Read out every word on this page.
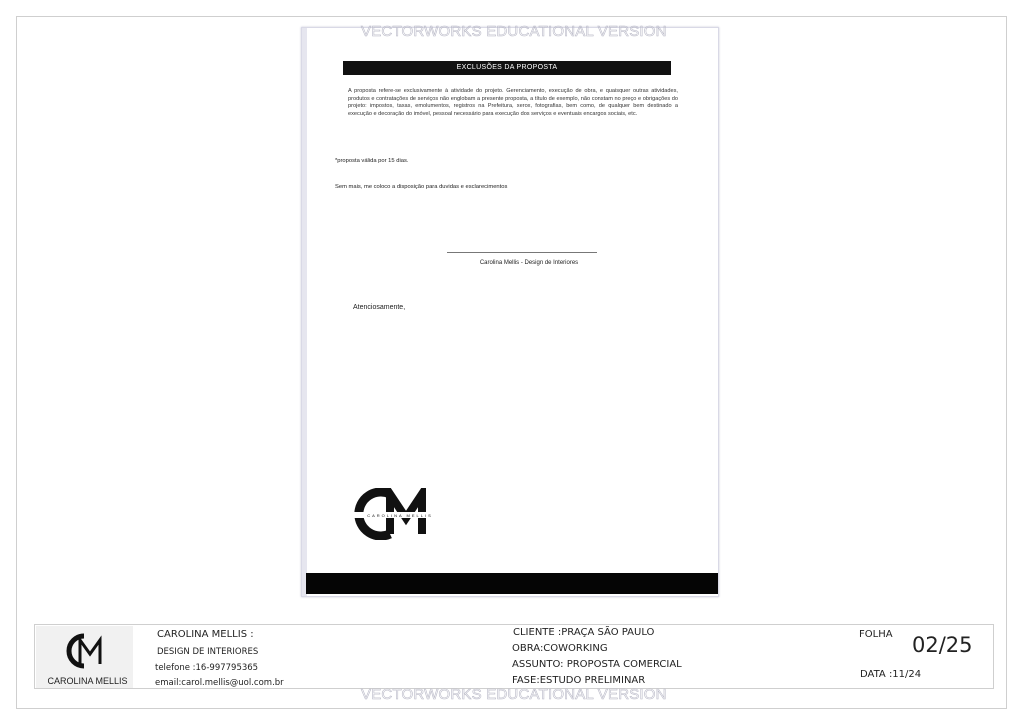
EXCLUSÕES DA PROPOSTA
A proposta refere-se exclusivamente à atividade do projeto. Gerenciamento, execução de obra, e quaisquer outras atividades, produtos e contratações de serviços não englobam a presente proposta, a título de exemplo, não constam no preço e obrigações do projeto: impostos, taxas, emolumentos, registros na Prefeitura, xerox, fotografias, bem como, de qualquer bem destinado a execução e decoração do imóvel, pessoal necessário para execução dos serviços e eventuais encargos sociais, etc.
*proposta válida por 15 dias.
Sem mais, me coloco a disposição para duvidas e esclarecimentos
Carolina Mellis - Design de Interiores
Atenciosamente,
CAROLINA MELLIS
VECTORWORKS EDUCATIONAL VERSION
CAROLINA MELLIS
CAROLINA MELLIS :
DESIGN DE INTERIORES
telefone :16-997795365
email:carol.mellis@uol.com.br
CLIENTE :PRAÇA SÃO PAULO
OBRA:COWORKING
ASSUNTO: PROPOSTA COMERCIAL
FASE:ESTUDO PRELIMINAR
FOLHA 02/25
DATA :11/24
VECTORWORKS EDUCATIONAL VERSION
